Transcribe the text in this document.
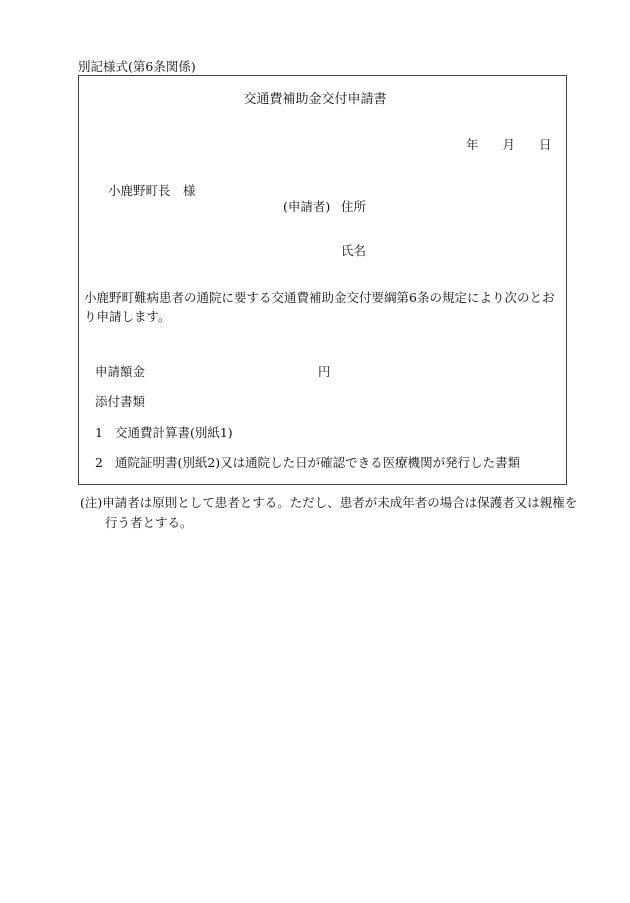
別記様式(第6条関係)
交通費補助金交付申請書
年 月 日
小鹿野町長　様
(申請者) 住所
氏名
小鹿野町難病患者の通院に要する交通費補助金交付要綱第6条の規定により次のとおり申請します。
申請額金	円
添付書類
1 交通費計算書(別紙1)
2 通院証明書(別紙2)又は通院した日が確認できる医療機関が発行した書類
(注)申請者は原則として患者とする。ただし、患者が未成年者の場合は保護者又は親権を行う者とする。
